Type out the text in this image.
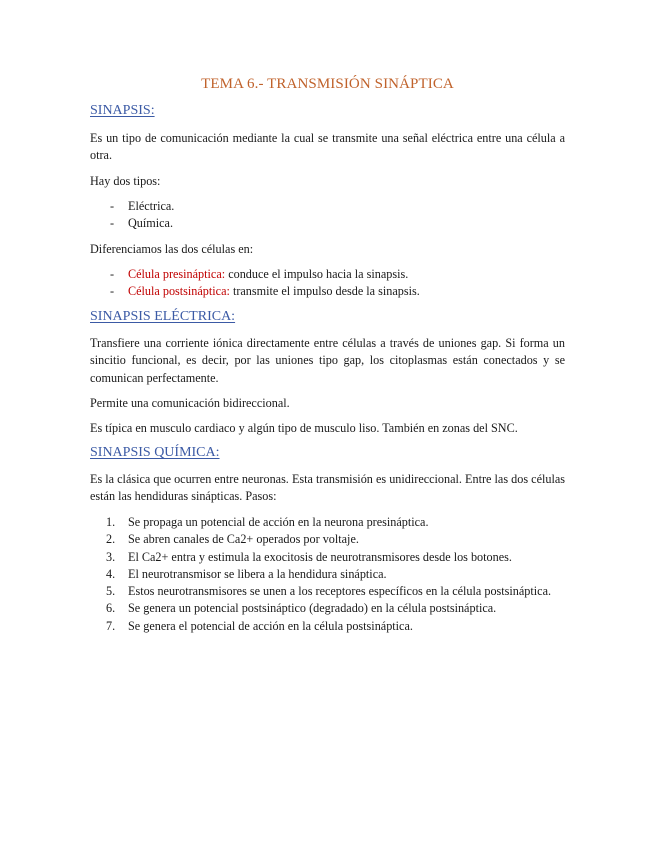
TEMA 6.- TRANSMISIÓN SINÁPTICA
SINAPSIS:

Es un tipo de comunicación mediante la cual se transmite una señal eléctrica entre una célula a otra.

Hay dos tipos:

- Eléctrica.
- Química.

Diferenciamos las dos células en:

- Célula presináptica: conduce el impulso hacia la sinapsis.
- Célula postsináptica: transmite el impulso desde la sinapsis.
SINAPSIS ELÉCTRICA:

Transfiere una corriente iónica directamente entre células a través de uniones gap. Si forma un sincitio funcional, es decir, por las uniones tipo gap, los citoplasmas están conectados y se comunican perfectamente.

Permite una comunicación bidireccional.

Es típica en musculo cardiaco y algún tipo de musculo liso. También en zonas del SNC.

SINAPSIS QUÍMICA:

Es la clásica que ocurren entre neuronas. Esta transmisión es unidireccional. Entre las dos células están las hendiduras sinápticas. Pasos:

1. Se propaga un potencial de acción en la neurona presináptica.
2. Se abren canales de Ca2+ operados por voltaje.
3. El Ca2+ entra y estimula la exocitosis de neurotransmisores desde los botones.
4. El neurotransmisor se libera a la hendidura sináptica.
5. Estos neurotransmisores se unen a los receptores específicos en la célula postsináptica.
6. Se genera un potencial postsináptico (degradado) en la célula postsináptica.
7. Se genera el potencial de acción en la célula postsináptica.
